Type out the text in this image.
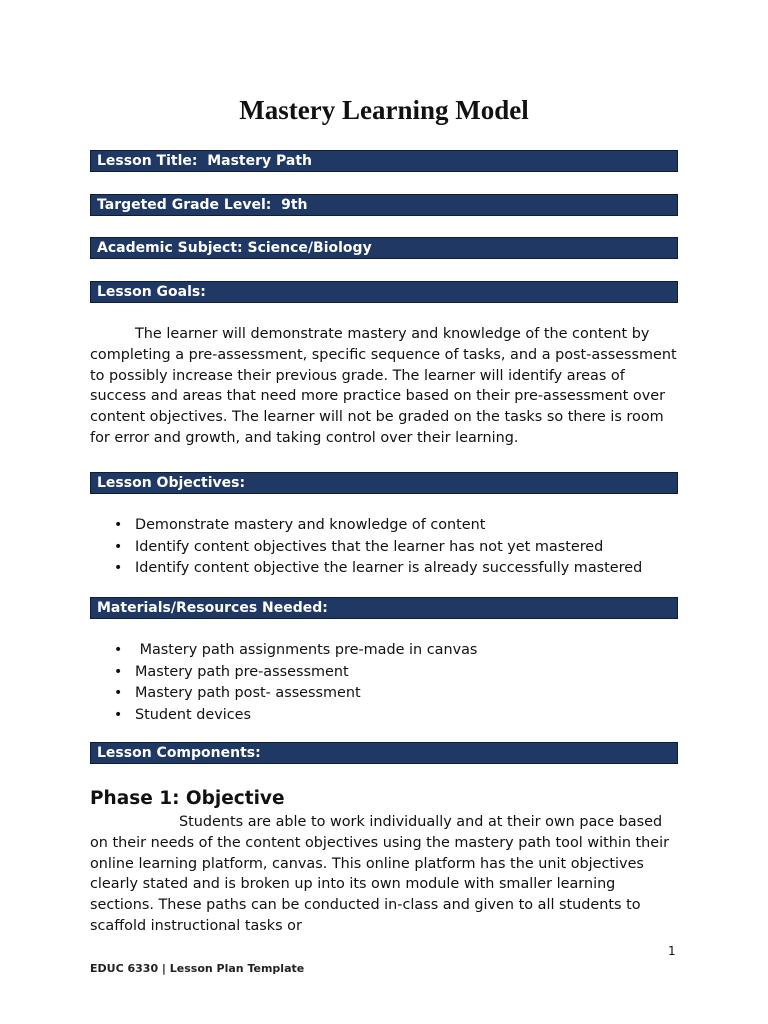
Mastery Learning Model
Lesson Title:  Mastery Path
Targeted Grade Level:  9th
Academic Subject: Science/Biology
Lesson Goals:

The learner will demonstrate mastery and knowledge of the content by completing a pre-assessment, specific sequence of tasks, and a post-assessment to possibly increase their previous grade. The learner will identify areas of success and areas that need more practice based on their pre-assessment over content objectives. The learner will not be graded on the tasks so there is room for error and growth, and taking control over their learning.

Lesson Objectives:
• Demonstrate mastery and knowledge of content
• Identify content objectives that the learner has not yet mastered
• Identify content objective the learner is already successfully mastered
Materials/Resources Needed:
• Mastery path assignments pre-made in canvas
• Mastery path pre-assessment
• Mastery path post- assessment
• Student devices
Lesson Components:
Phase 1: Objective

Students are able to work individually and at their own pace based on their needs of the content objectives using the mastery path tool within their online learning platform, canvas. This online platform has the unit objectives clearly stated and is broken up into its own module with smaller learning sections. These paths can be conducted in-class and given to all students to scaffold instructional tasks or

1
EDUC 6330 | Lesson Plan Template
